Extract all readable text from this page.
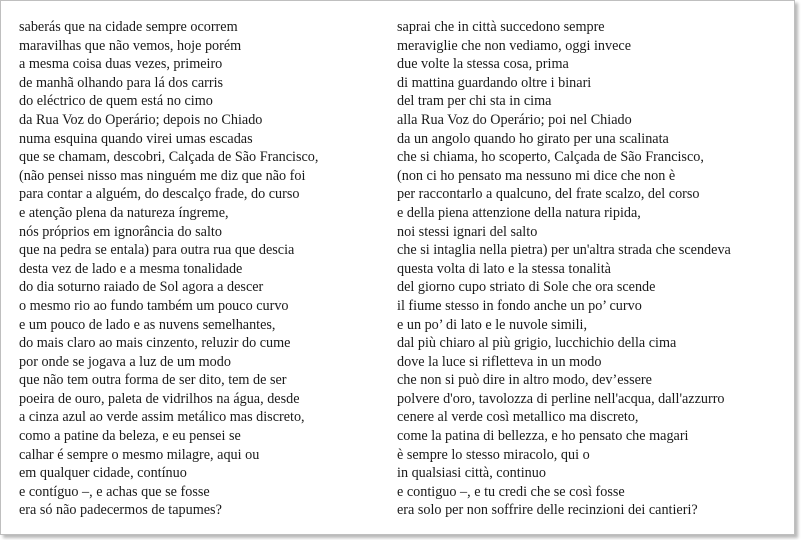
saberás que na cidade sempre ocorrem
maravilhas que não vemos, hoje porém
a mesma coisa duas vezes, primeiro
de manhã olhando para lá dos carris
do eléctrico de quem está no cimo
da Rua Voz do Operário; depois no Chiado
numa esquina quando virei umas escadas
que se chamam, descobri, Calçada de São Francisco,
(não pensei nisso mas ninguém me diz que não foi
para contar a alguém, do descalço frade, do curso
e atenção plena da natureza íngreme,
nós próprios em ignorância do salto
que na pedra se entala) para outra rua que descia
desta vez de lado e a mesma tonalidade
do dia soturno raiado de Sol agora a descer
o mesmo rio ao fundo também um pouco curvo
e um pouco de lado e as nuvens semelhantes,
do mais claro ao mais cinzento, reluzir do cume
por onde se jogava a luz de um modo
que não tem outra forma de ser dito, tem de ser
poeira de ouro, paleta de vidrilhos na água, desde
a cinza azul ao verde assim metálico mas discreto,
como a patine da beleza, e eu pensei se
calhar é sempre o mesmo milagre, aqui ou
em qualquer cidade, contínuo
e contíguo –, e achas que se fosse
era só não padecermos de tapumes?
saprai che in città succedono sempre
meraviglie che non vediamo, oggi invece
due volte la stessa cosa, prima
di mattina guardando oltre i binari
del tram per chi sta in cima
alla Rua Voz do Operário; poi nel Chiado
da un angolo quando ho girato per una scalinata
che si chiama, ho scoperto, Calçada de São Francisco,
(non ci ho pensato ma nessuno mi dice che non è
per raccontarlo a qualcuno, del frate scalzo, del corso
e della piena attenzione della natura ripida,
noi stessi ignari del salto
che si intaglia nella pietra) per un'altra strada che scendeva
questa volta di lato e la stessa tonalità
del giorno cupo striato di Sole che ora scende
il fiume stesso in fondo anche un po’ curvo
e un po’ di lato e le nuvole simili,
dal più chiaro al più grigio, lucchichio della cima
dove la luce si rifletteva in un modo
che non si può dire in altro modo, dev’essere
polvere d'oro, tavolozza di perline nell'acqua, dall'azzurro
cenere al verde così metallico ma discreto,
come la patina di bellezza, e ho pensato che magari
è sempre lo stesso miracolo, qui o
in qualsiasi città, continuo
e contiguo –, e tu credi che se così fosse
era solo per non soffrire delle recinzioni dei cantieri?
